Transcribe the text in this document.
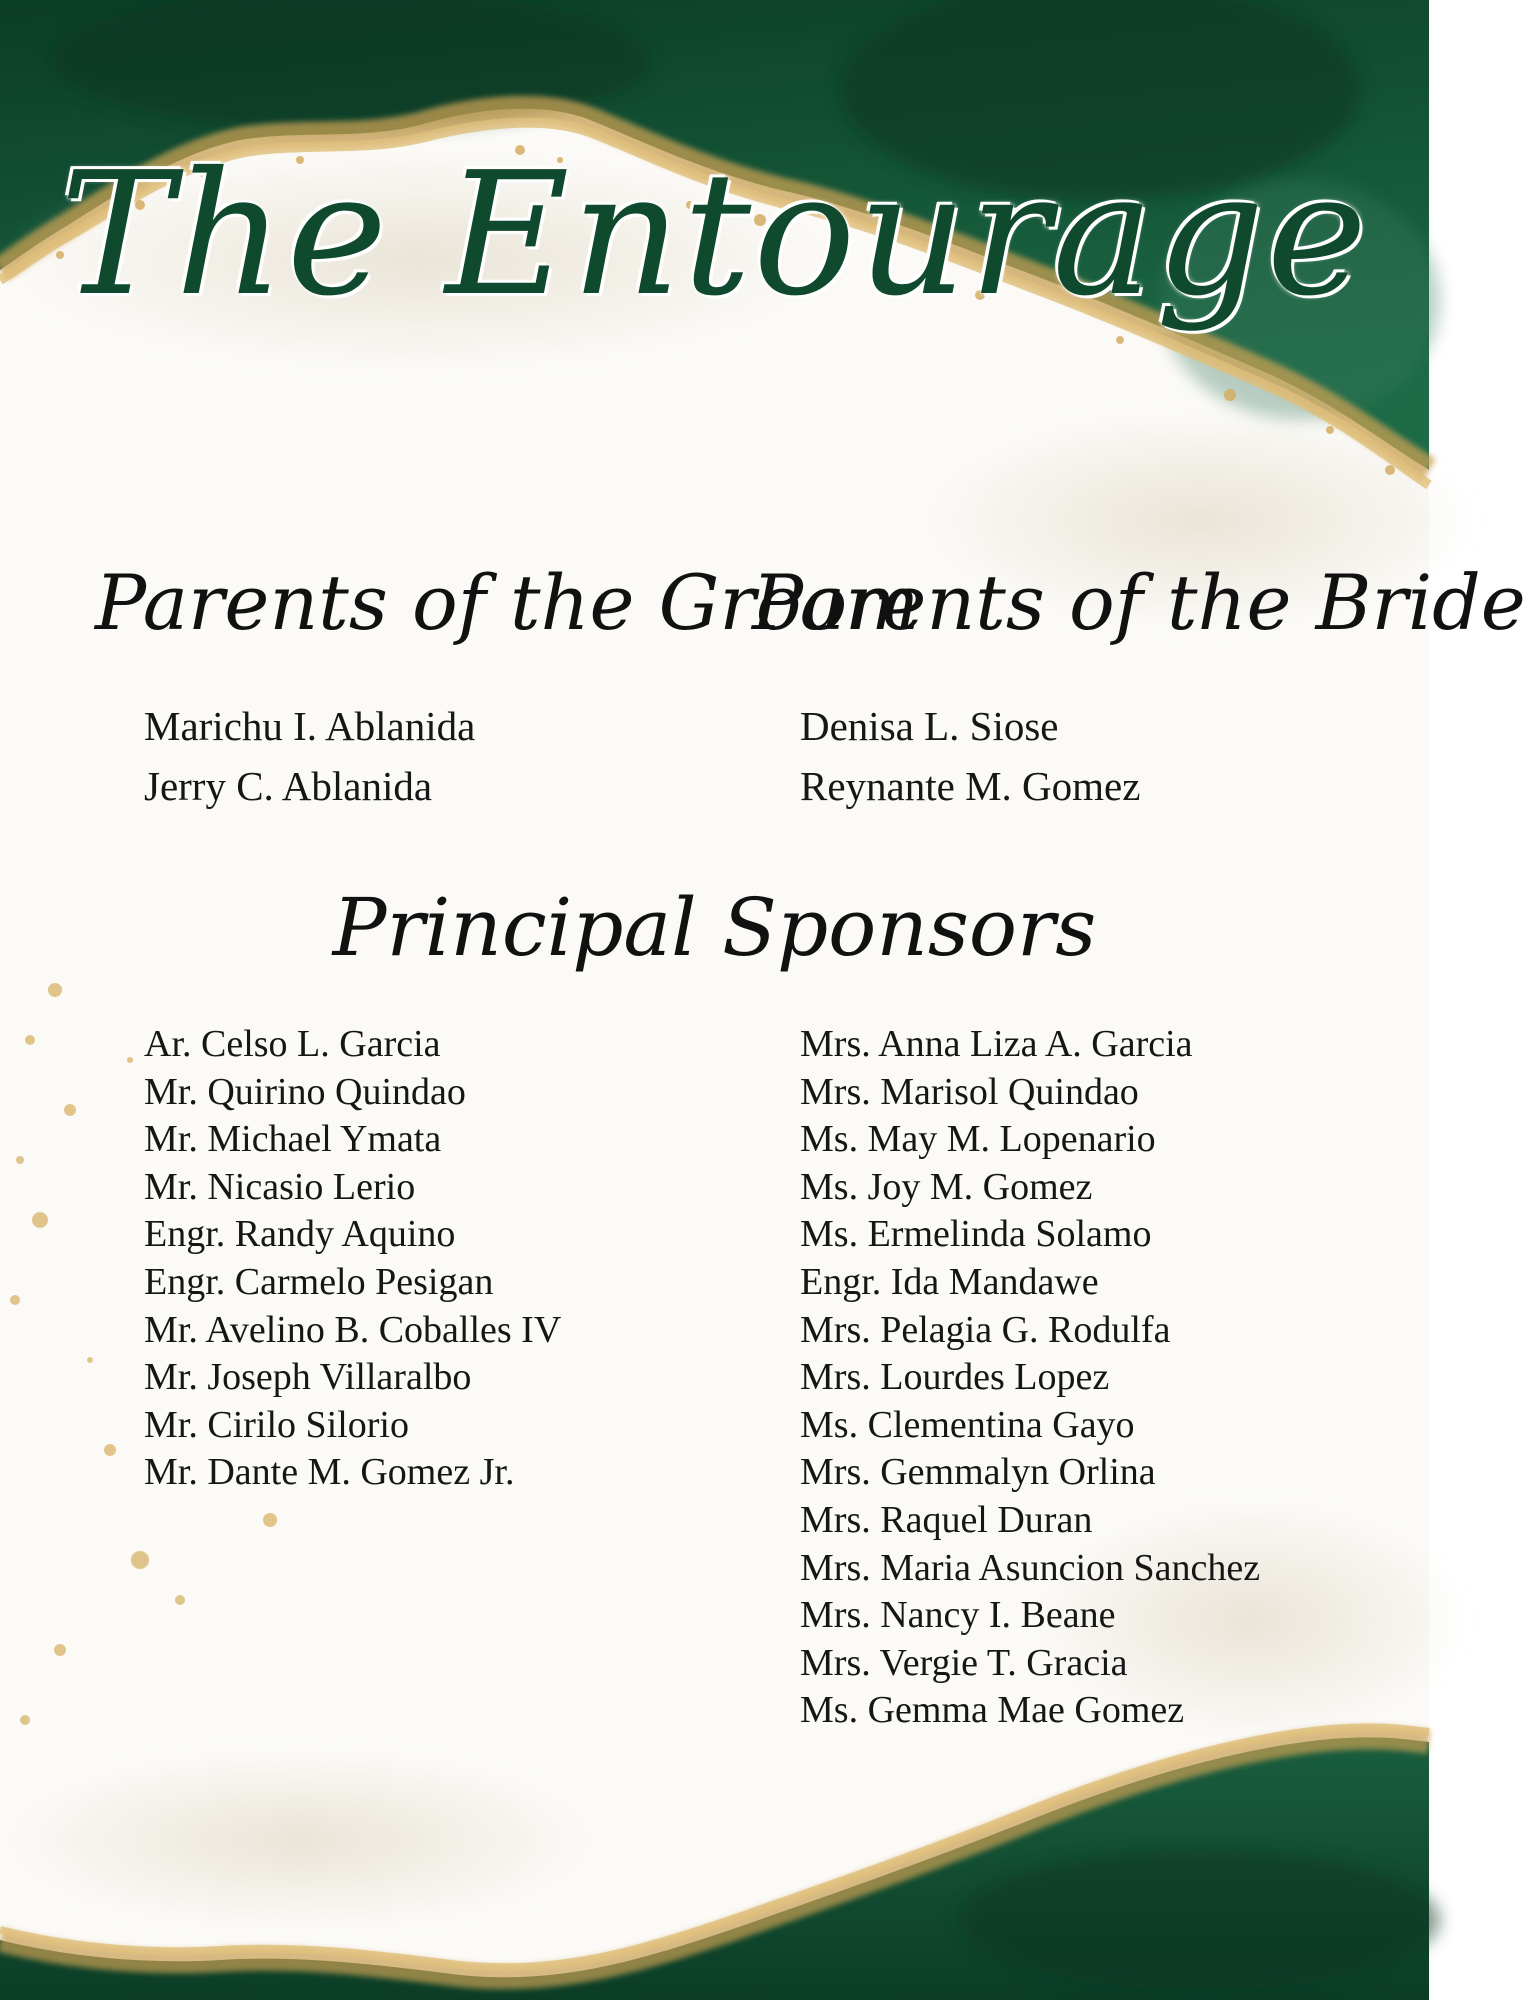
The Entourage
Parents of the Groom
Marichu I. Ablanida
Jerry C. Ablanida
Parents of the Bride
Denisa L. Siose
Reynante M. Gomez
Principal Sponsors
Ar. Celso L. Garcia
Mr. Quirino Quindao
Mr. Michael Ymata
Mr. Nicasio Lerio
Engr. Randy Aquino
Engr. Carmelo Pesigan
Mr. Avelino B. Coballes IV
Mr. Joseph Villaralbo
Mr. Cirilo Silorio
Mr. Dante M. Gomez Jr.
Mrs. Anna Liza A. Garcia
Mrs. Marisol Quindao
Ms. May M. Lopenario
Ms. Joy M. Gomez
Ms. Ermelinda Solamo
Engr. Ida Mandawe
Mrs. Pelagia G. Rodulfa
Mrs. Lourdes Lopez
Ms. Clementina Gayo
Mrs. Gemmalyn Orlina
Mrs. Raquel Duran
Mrs. Maria Asuncion Sanchez
Mrs. Nancy I. Beane
Mrs. Vergie T. Gracia
Ms. Gemma Mae Gomez
